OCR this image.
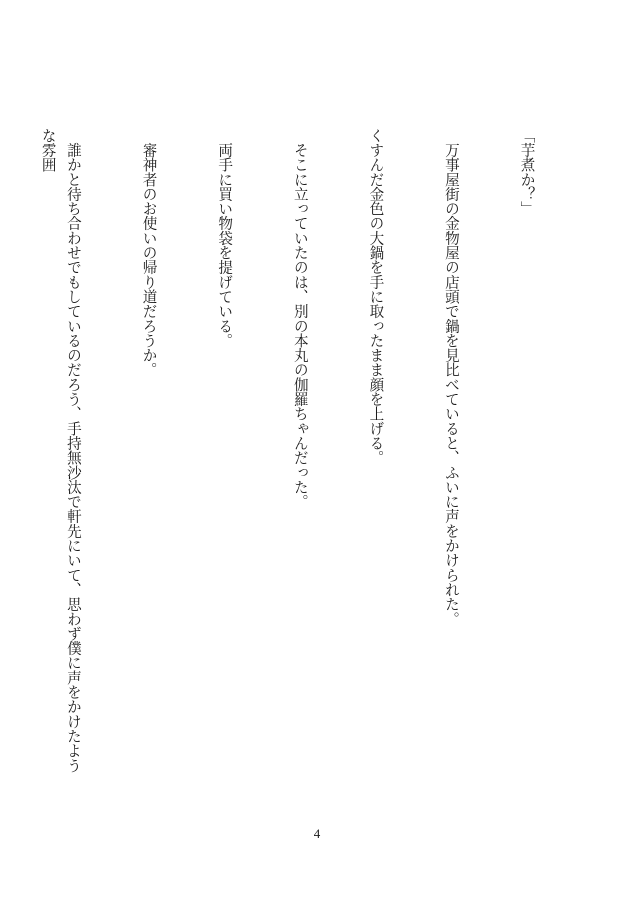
「芋煮か？」

　万事屋街の金物屋の店頭で鍋を見比べていると、ふいに声をかけられた。

くすんだ金色の大鍋を手に取ったまま顔を上げる。

　そこに立っていたのは、別の本丸の伽羅ちゃんだった。

　両手に買い物袋を提げている。

　審神者のお使いの帰り道だろうか。

　誰かと待ち合わせでもしているのだろう、手持無沙汰で軒先にいて、思わず僕に声をかけたような雰囲

4
